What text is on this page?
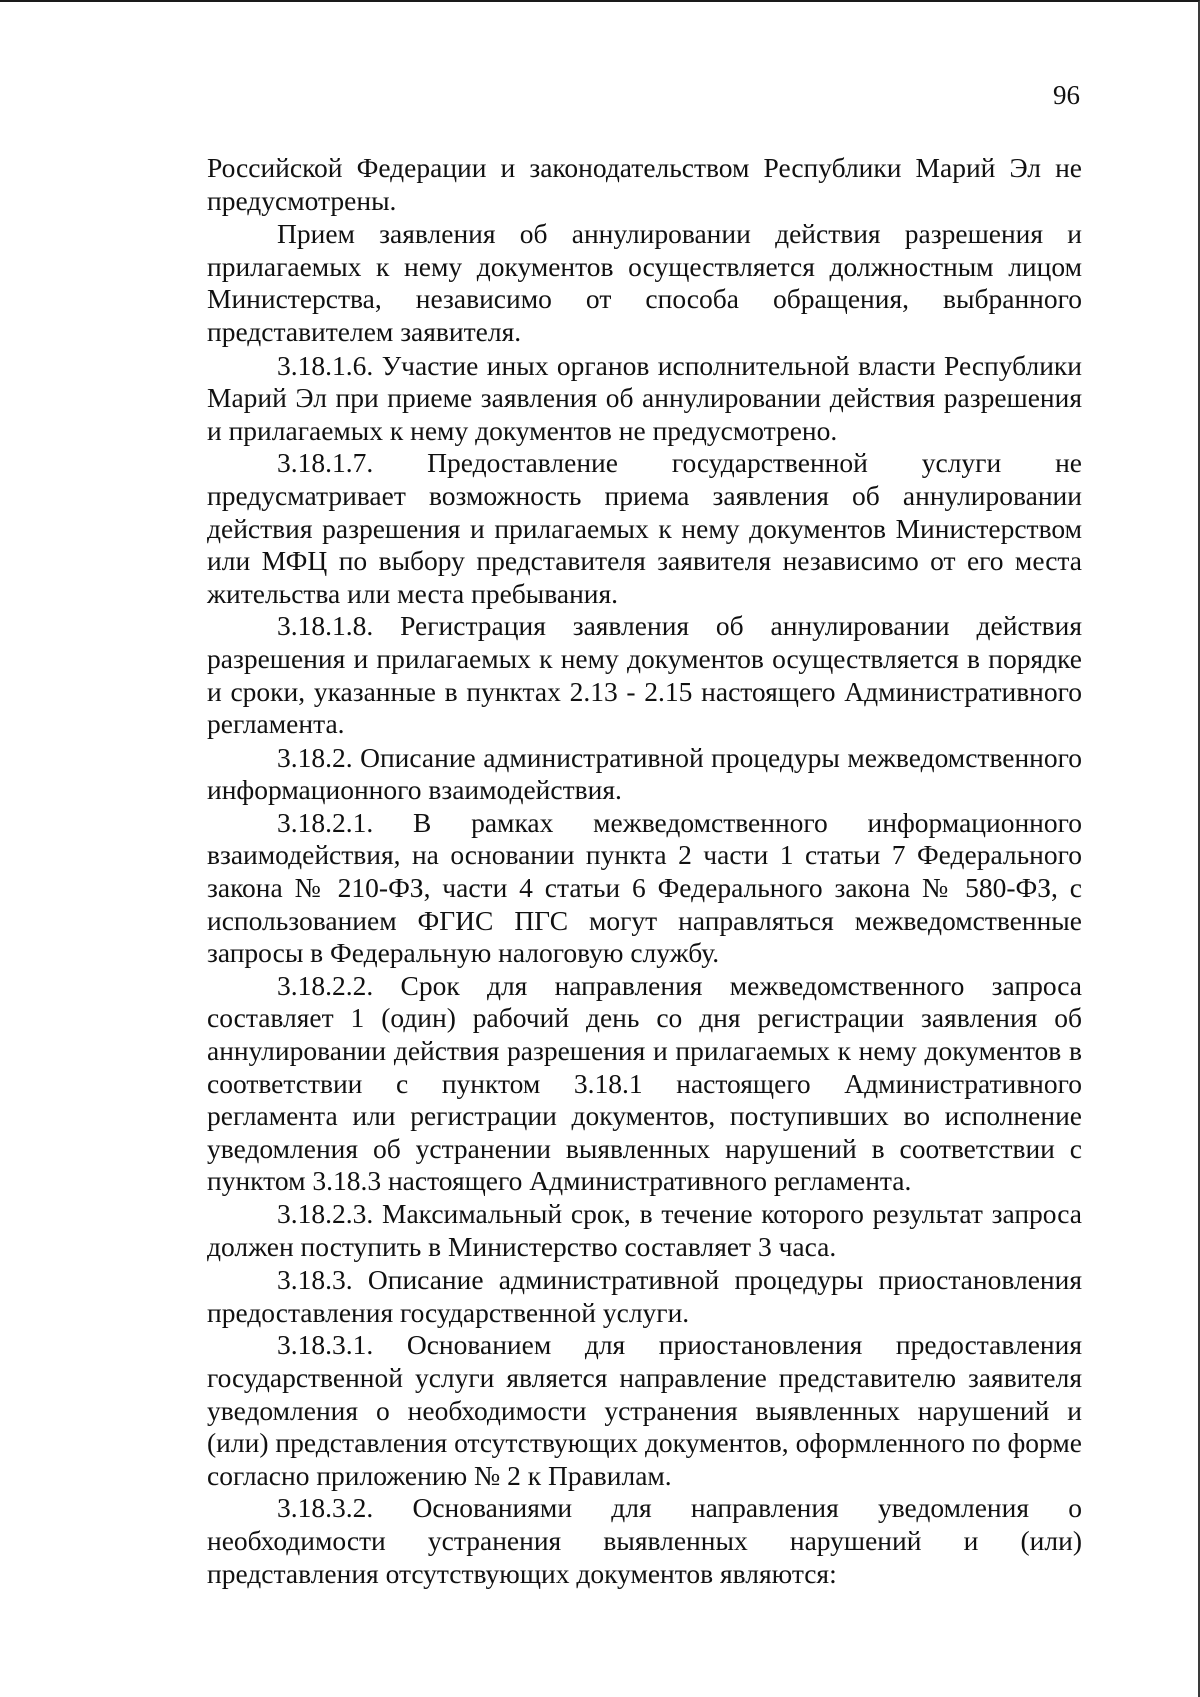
96

Российской Федерации и законодательством Республики Марий Эл не предусмотрены.

Прием заявления об аннулировании действия разрешения и прилагаемых к нему документов осуществляется должностным лицом Министерства, независимо от способа обращения, выбранного представителем заявителя.

3.18.1.6. Участие иных органов исполнительной власти Республики Марий Эл при приеме заявления об аннулировании действия разрешения и прилагаемых к нему документов не предусмотрено.

3.18.1.7. Предоставление государственной услуги не предусматривает возможность приема заявления об аннулировании действия разрешения и прилагаемых к нему документов Министерством или МФЦ по выбору представителя заявителя независимо от его места жительства или места пребывания.

3.18.1.8. Регистрация заявления об аннулировании действия разрешения и прилагаемых к нему документов осуществляется в порядке и сроки, указанные в пунктах 2.13 - 2.15 настоящего Административного регламента.

3.18.2. Описание административной процедуры межведомственного информационного взаимодействия.

3.18.2.1. В рамках межведомственного информационного взаимодействия, на основании пункта 2 части 1 статьи 7 Федерального закона № 210-ФЗ, части 4 статьи 6 Федерального закона № 580-ФЗ, с использованием ФГИС ПГС могут направляться межведомственные запросы в Федеральную налоговую службу.

3.18.2.2. Срок для направления межведомственного запроса составляет 1 (один) рабочий день со дня регистрации заявления об аннулировании действия разрешения и прилагаемых к нему документов в соответствии с пунктом 3.18.1 настоящего Административного регламента или регистрации документов, поступивших во исполнение уведомления об устранении выявленных нарушений в соответствии с пунктом 3.18.3 настоящего Административного регламента.

3.18.2.3. Максимальный срок, в течение которого результат запроса должен поступить в Министерство составляет 3 часа.

3.18.3. Описание административной процедуры приостановления предоставления государственной услуги.

3.18.3.1. Основанием для приостановления предоставления государственной услуги является направление представителю заявителя уведомления о необходимости устранения выявленных нарушений и (или) представления отсутствующих документов, оформленного по форме согласно приложению № 2 к Правилам.

3.18.3.2. Основаниями для направления уведомления о необходимости устранения выявленных нарушений и (или) представления отсутствующих документов являются:
